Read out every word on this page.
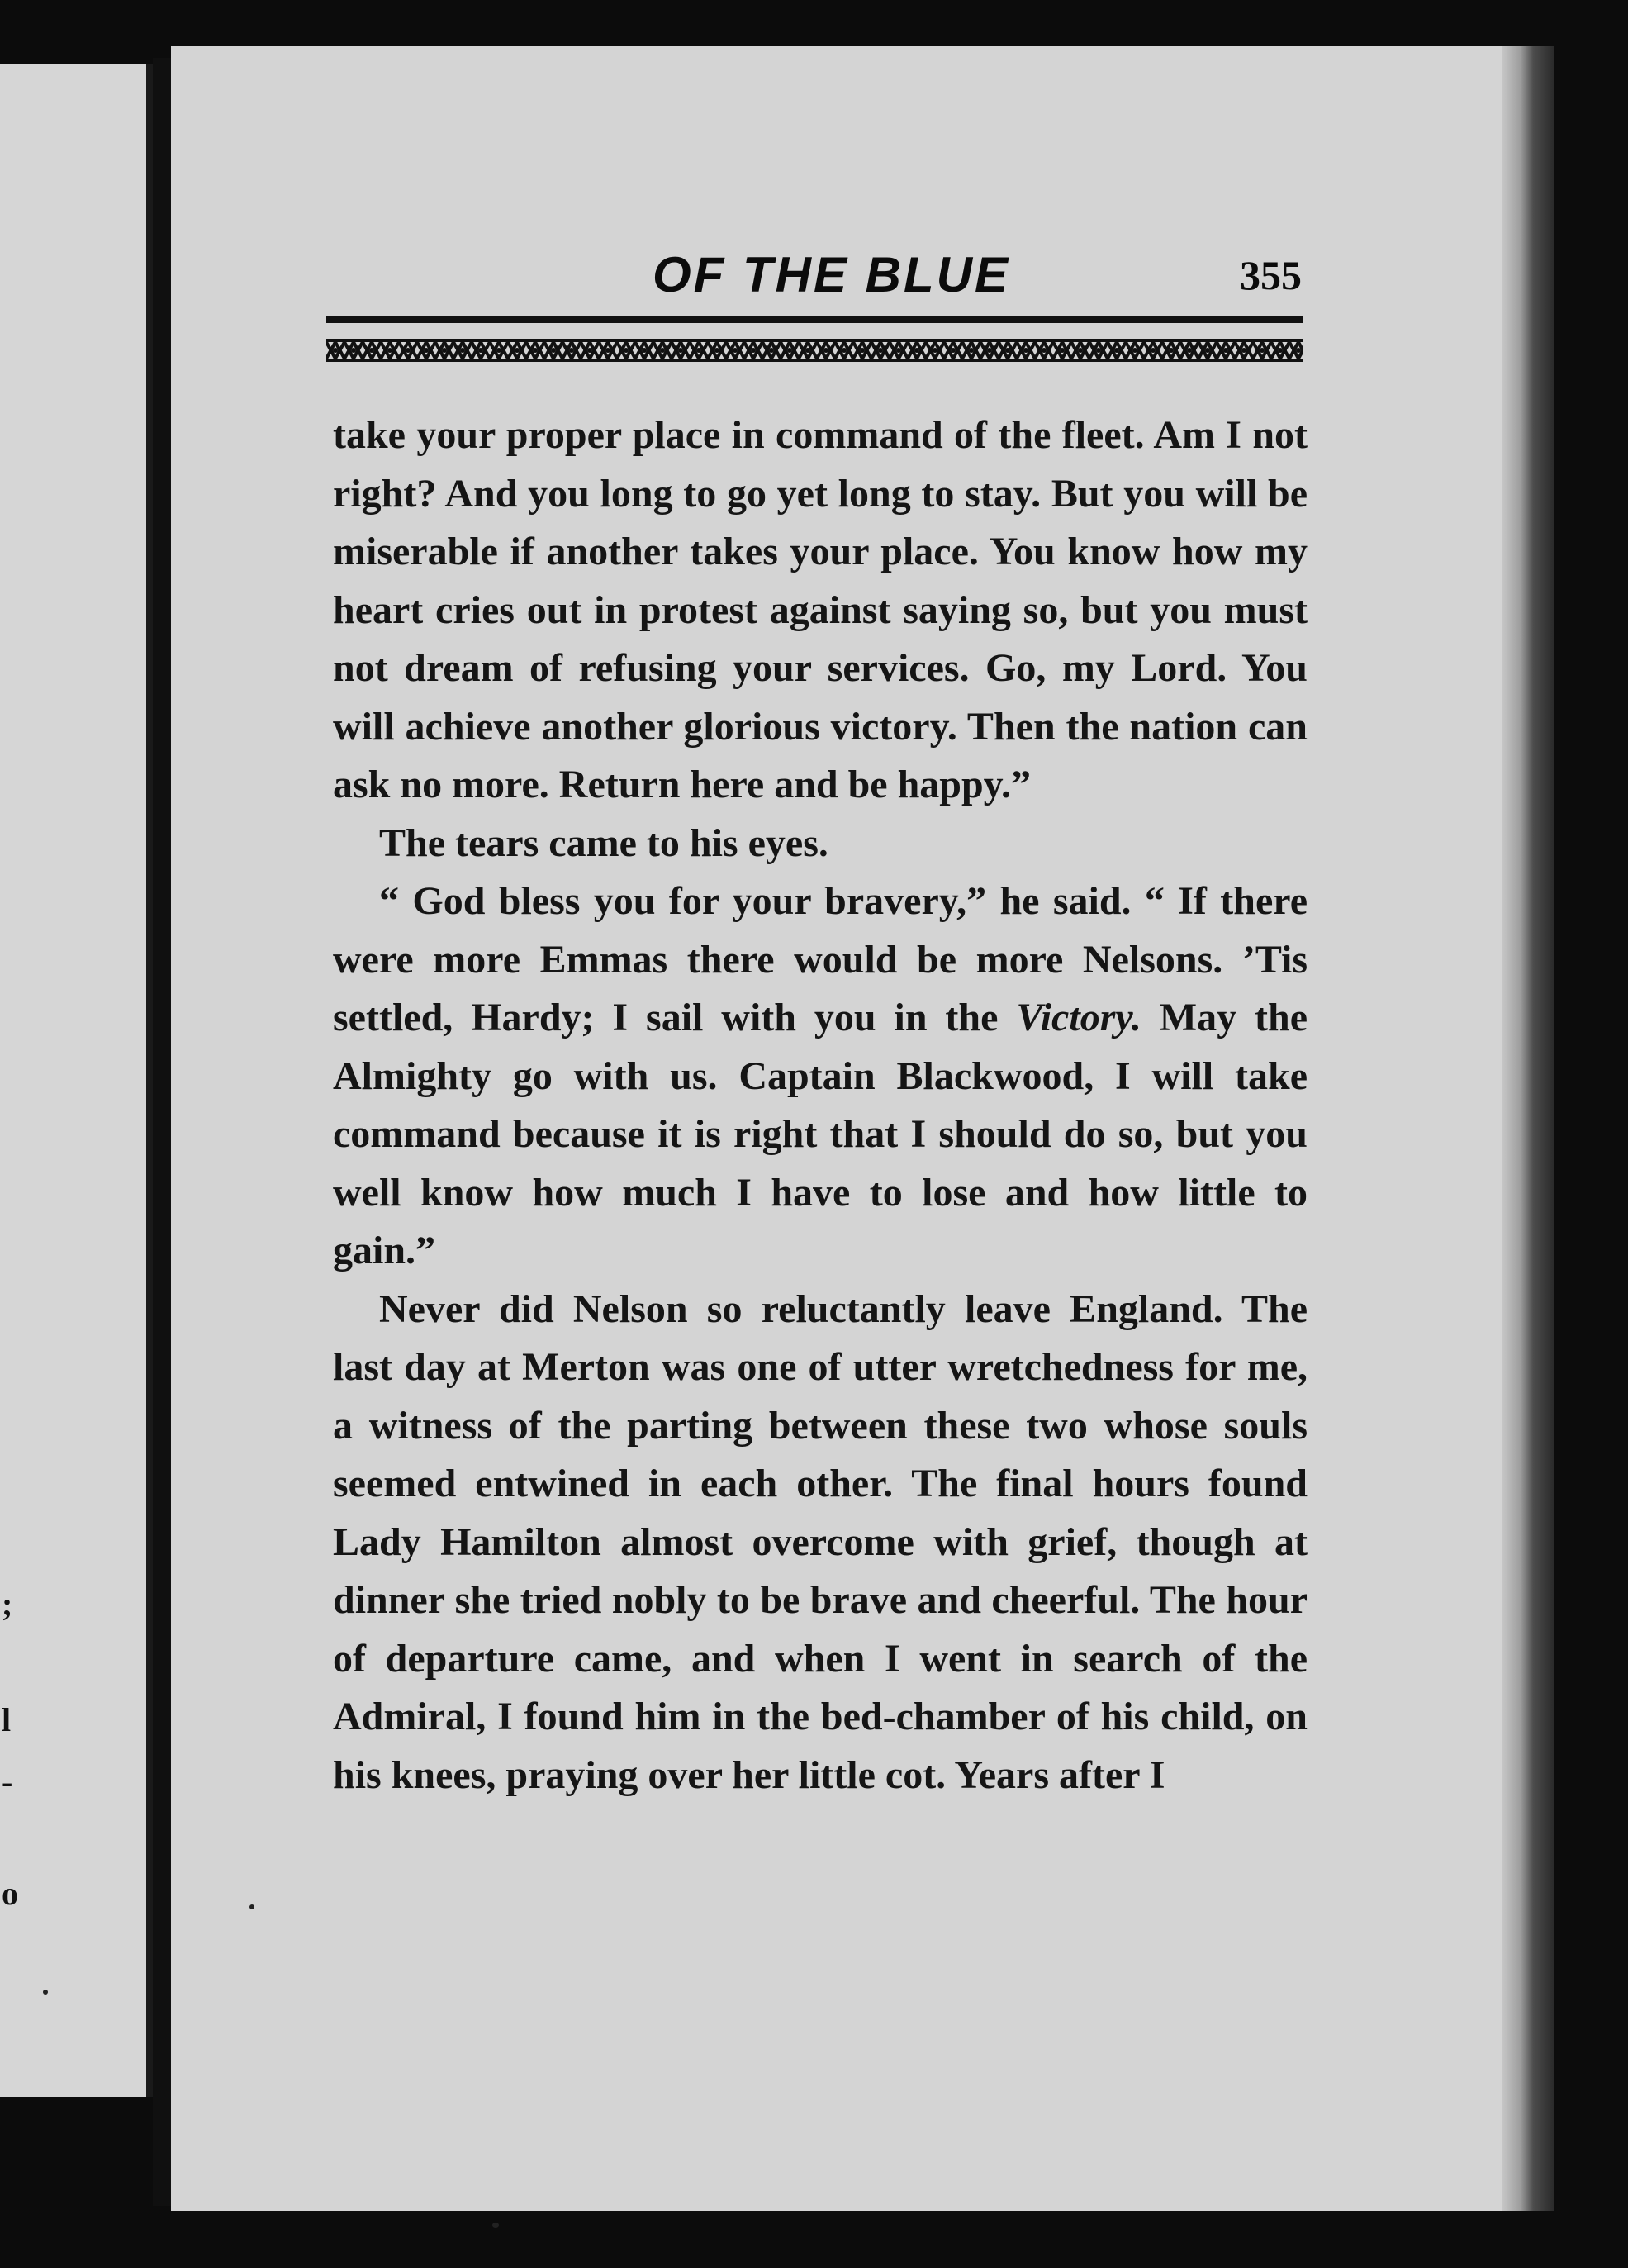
;
l
-
o
OF THE BLUE	355

take your proper place in command of the fleet. Am I not right? And you long to go yet long to stay. But you will be miserable if another takes your place. You know how my heart cries out in protest against saying so, but you must not dream of refusing your services. Go, my Lord. You will achieve another glorious victory. Then the nation can ask no more. Return here and be happy.”

The tears came to his eyes.

“ God bless you for your bravery,” he said. “ If there were more Emmas there would be more Nelsons. ’Tis settled, Hardy; I sail with you in the Victory. May the Almighty go with us. Captain Blackwood, I will take command because it is right that I should do so, but you well know how much I have to lose and how little to gain.”

Never did Nelson so reluctantly leave England. The last day at Merton was one of utter wretchedness for me, a witness of the parting between these two whose souls seemed entwined in each other. The final hours found Lady Hamilton almost overcome with grief, though at dinner she tried nobly to be brave and cheerful. The hour of departure came, and when I went in search of the Admiral, I found him in the bed-chamber of his child, on his knees, praying over her little cot. Years after I
